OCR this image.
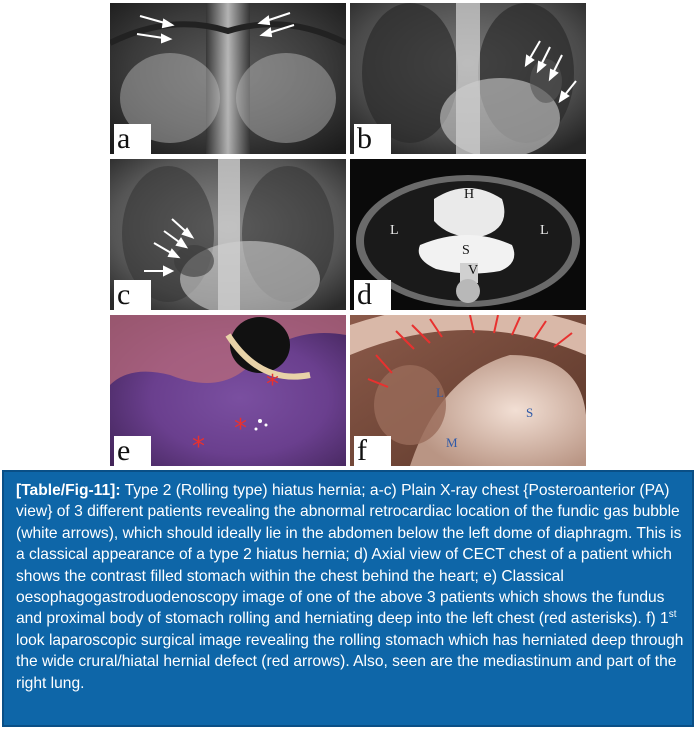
a	b
c
H
S
L	L
V
d
*
*
*
e
L
S
M
f
[Table/Fig-11]: Type 2 (Rolling type) hiatus hernia; a-c) Plain X-ray chest {Posteroanterior (PA) view} of 3 different patients revealing the abnormal retrocardiac location of the fundic gas bubble (white arrows), which should ideally lie in the abdomen below the left dome of diaphragm. This is a classical appearance of a type 2 hiatus hernia; d) Axial view of CECT chest of a patient which shows the contrast filled stomach within the chest behind the heart; e) Classical oesophagogastroduodenoscopy image of one of the above 3 patients which shows the fundus and proximal body of stomach rolling and herniating deep into the left chest (red asterisks). f) 1st look laparoscopic surgical image revealing the rolling stomach which has herniated deep through the wide crural/hiatal hernial defect (red arrows). Also, seen are the mediastinum and part of the right lung.
